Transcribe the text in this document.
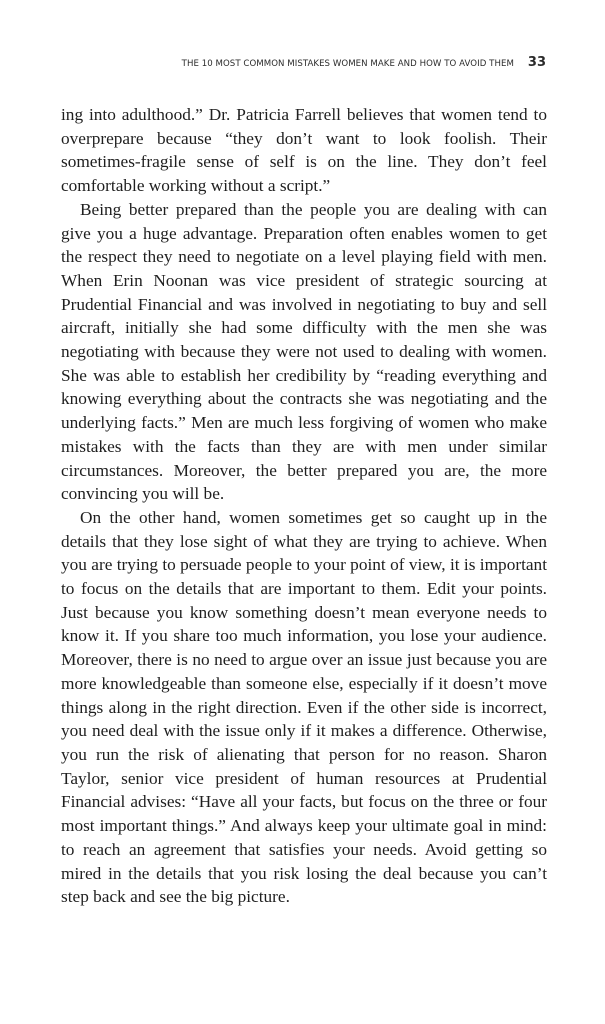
THE 10 MOST COMMON MISTAKES WOMEN MAKE AND HOW TO AVOID THEM 33

ing into adulthood.” Dr. Patricia Farrell believes that women tend to overprepare because “they don’t want to look foolish. Their sometimes-fragile sense of self is on the line. They don’t feel comfortable working without a script.”

Being better prepared than the people you are dealing with can give you a huge advantage. Preparation often enables women to get the respect they need to negotiate on a level playing field with men. When Erin Noonan was vice president of strategic sourcing at Prudential Financial and was involved in negotiating to buy and sell aircraft, initially she had some difficulty with the men she was negotiating with because they were not used to dealing with women. She was able to establish her credibility by “reading everything and knowing everything about the contracts she was negotiating and the underlying facts.” Men are much less forgiving of women who make mistakes with the facts than they are with men under similar circumstances. Moreover, the better prepared you are, the more convincing you will be.

On the other hand, women sometimes get so caught up in the details that they lose sight of what they are trying to achieve. When you are trying to persuade people to your point of view, it is important to focus on the details that are important to them. Edit your points. Just because you know something doesn’t mean everyone needs to know it. If you share too much information, you lose your audience. Moreover, there is no need to argue over an issue just because you are more knowledgeable than someone else, especially if it doesn’t move things along in the right direction. Even if the other side is incorrect, you need deal with the issue only if it makes a difference. Otherwise, you run the risk of alienating that person for no reason. Sharon Taylor, senior vice president of human resources at Prudential Financial advises: “Have all your facts, but focus on the three or four most important things.” And always keep your ultimate goal in mind: to reach an agreement that satisfies your needs. Avoid getting so mired in the details that you risk losing the deal because you can’t step back and see the big picture.
